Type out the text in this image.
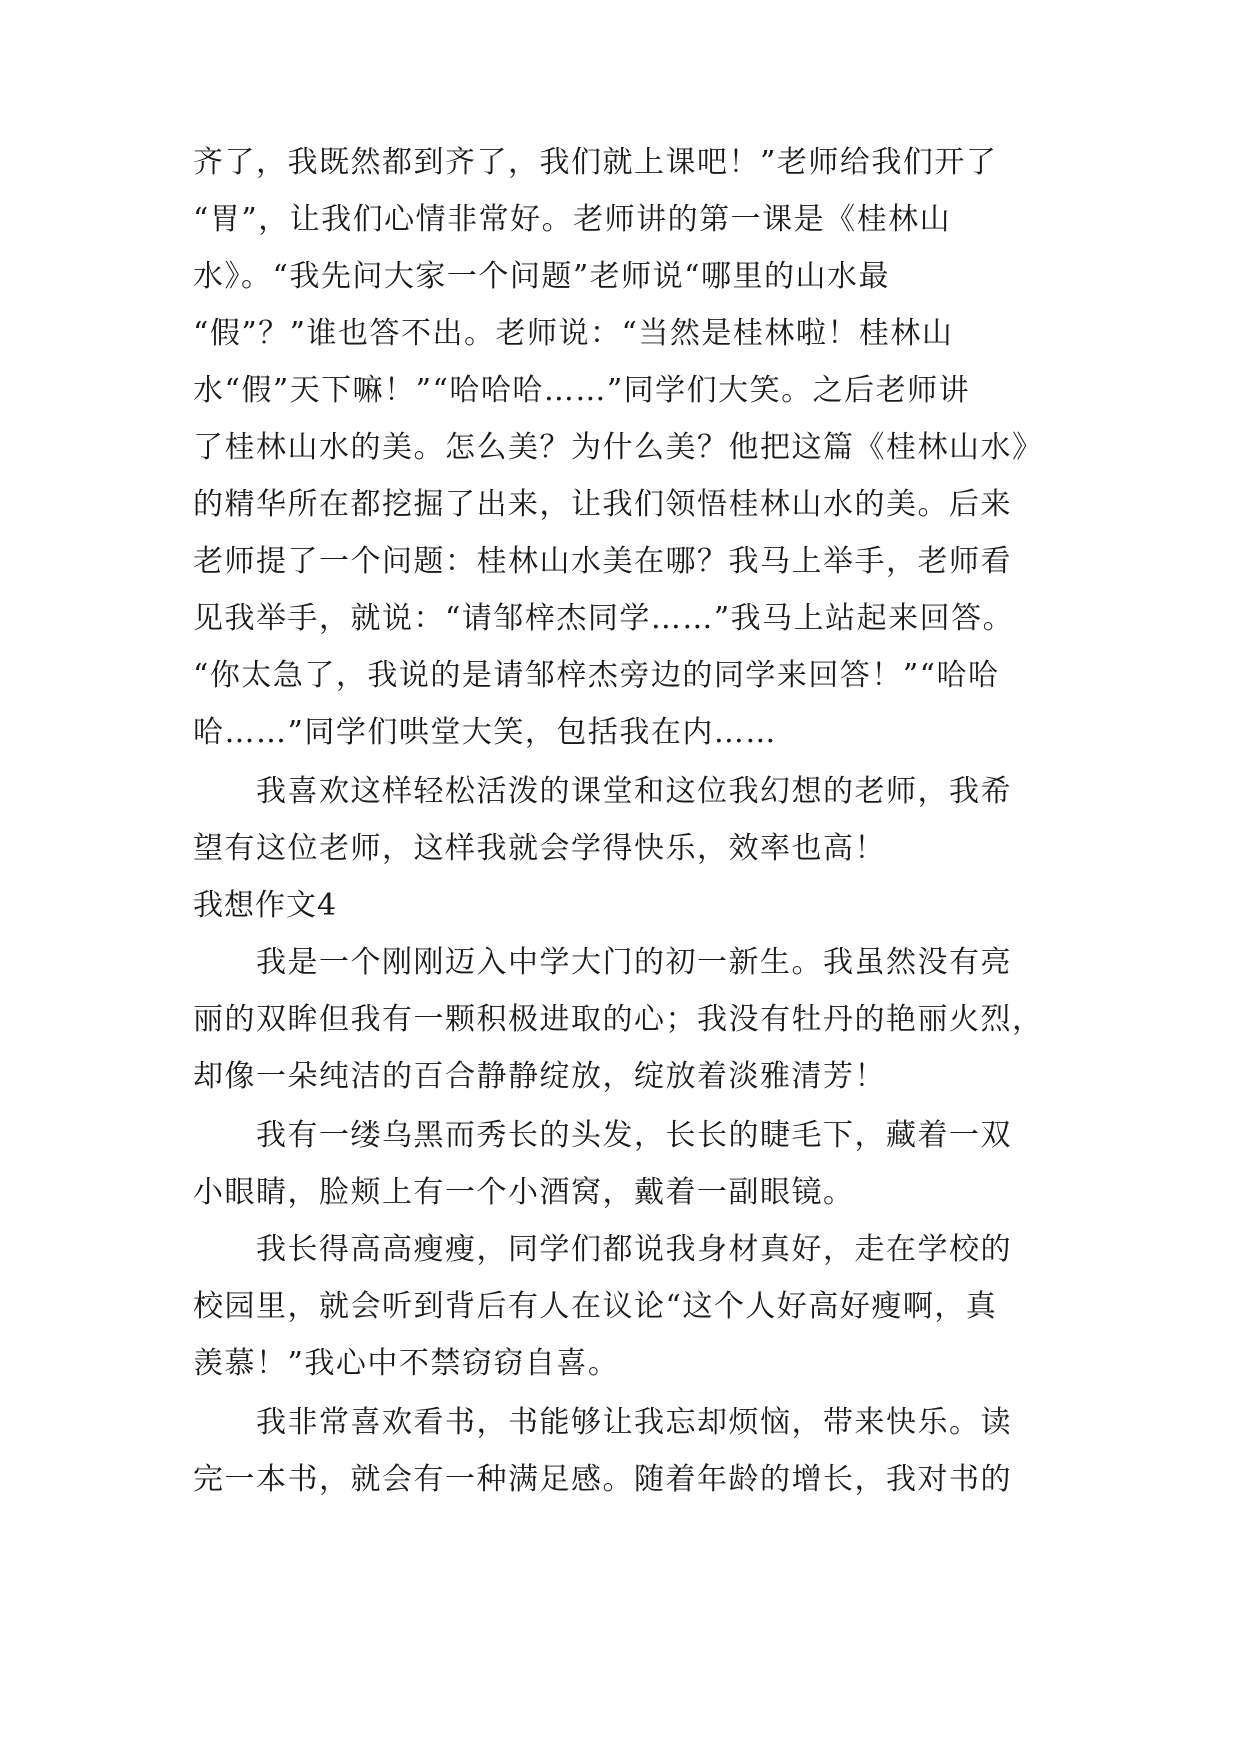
齐了，我既然都到齐了，我们就上课吧！”老师给我们开了
“胃”，让我们心情非常好。老师讲的第一课是《桂林山
水》。“我先问大家一个问题”老师说“哪里的山水最
“假”？”谁也答不出。老师说：“当然是桂林啦！桂林山
水“假”天下嘛！”“哈哈哈……”同学们大笑。之后老师讲
了桂林山水的美。怎么美？为什么美？他把这篇《桂林山水》
的精华所在都挖掘了出来，让我们领悟桂林山水的美。后来
老师提了一个问题：桂林山水美在哪？我马上举手，老师看
见我举手，就说：“请邹梓杰同学……”我马上站起来回答。
“你太急了，我说的是请邹梓杰旁边的同学来回答！”“哈哈
哈……”同学们哄堂大笑，包括我在内……
我喜欢这样轻松活泼的课堂和这位我幻想的老师，我希
望有这位老师，这样我就会学得快乐，效率也高！
我想作文4
我是一个刚刚迈入中学大门的初一新生。我虽然没有亮
丽的双眸但我有一颗积极进取的心；我没有牡丹的艳丽火烈，
却像一朵纯洁的百合静静绽放，绽放着淡雅清芳！
我有一缕乌黑而秀长的头发，长长的睫毛下，藏着一双
小眼睛，脸颊上有一个小酒窝，戴着一副眼镜。
我长得高高瘦瘦，同学们都说我身材真好，走在学校的
校园里，就会听到背后有人在议论“这个人好高好瘦啊，真
羡慕！”我心中不禁窃窃自喜。
我非常喜欢看书，书能够让我忘却烦恼，带来快乐。读
完一本书，就会有一种满足感。随着年龄的增长，我对书的
